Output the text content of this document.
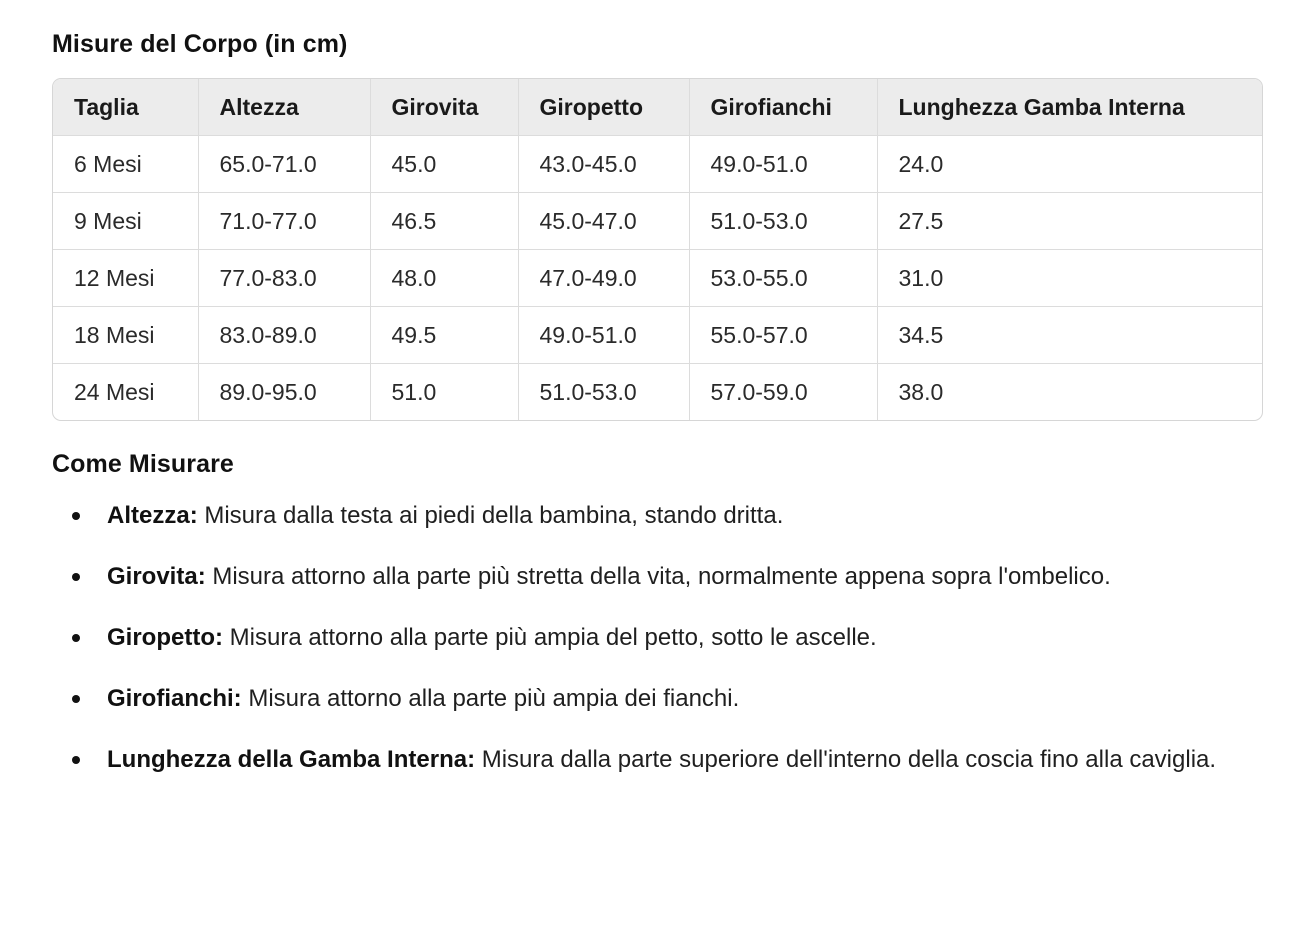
Misure del Corpo (in cm)
Taglia	Altezza	Girovita	Giropetto	Girofianchi	Lunghezza Gamba Interna
6 Mesi	65.0-71.0	45.0	43.0-45.0	49.0-51.0	24.0
9 Mesi	71.0-77.0	46.5	45.0-47.0	51.0-53.0	27.5
12 Mesi	77.0-83.0	48.0	47.0-49.0	53.0-55.0	31.0
18 Mesi	83.0-89.0	49.5	49.0-51.0	55.0-57.0	34.5
24 Mesi	89.0-95.0	51.0	51.0-53.0	57.0-59.0	38.0
Come Misurare
Altezza: Misura dalla testa ai piedi della bambina, stando dritta.
Girovita: Misura attorno alla parte più stretta della vita, normalmente appena sopra l'ombelico.
Giropetto: Misura attorno alla parte più ampia del petto, sotto le ascelle.
Girofianchi: Misura attorno alla parte più ampia dei fianchi.
Lunghezza della Gamba Interna: Misura dalla parte superiore dell'interno della coscia fino alla caviglia.
